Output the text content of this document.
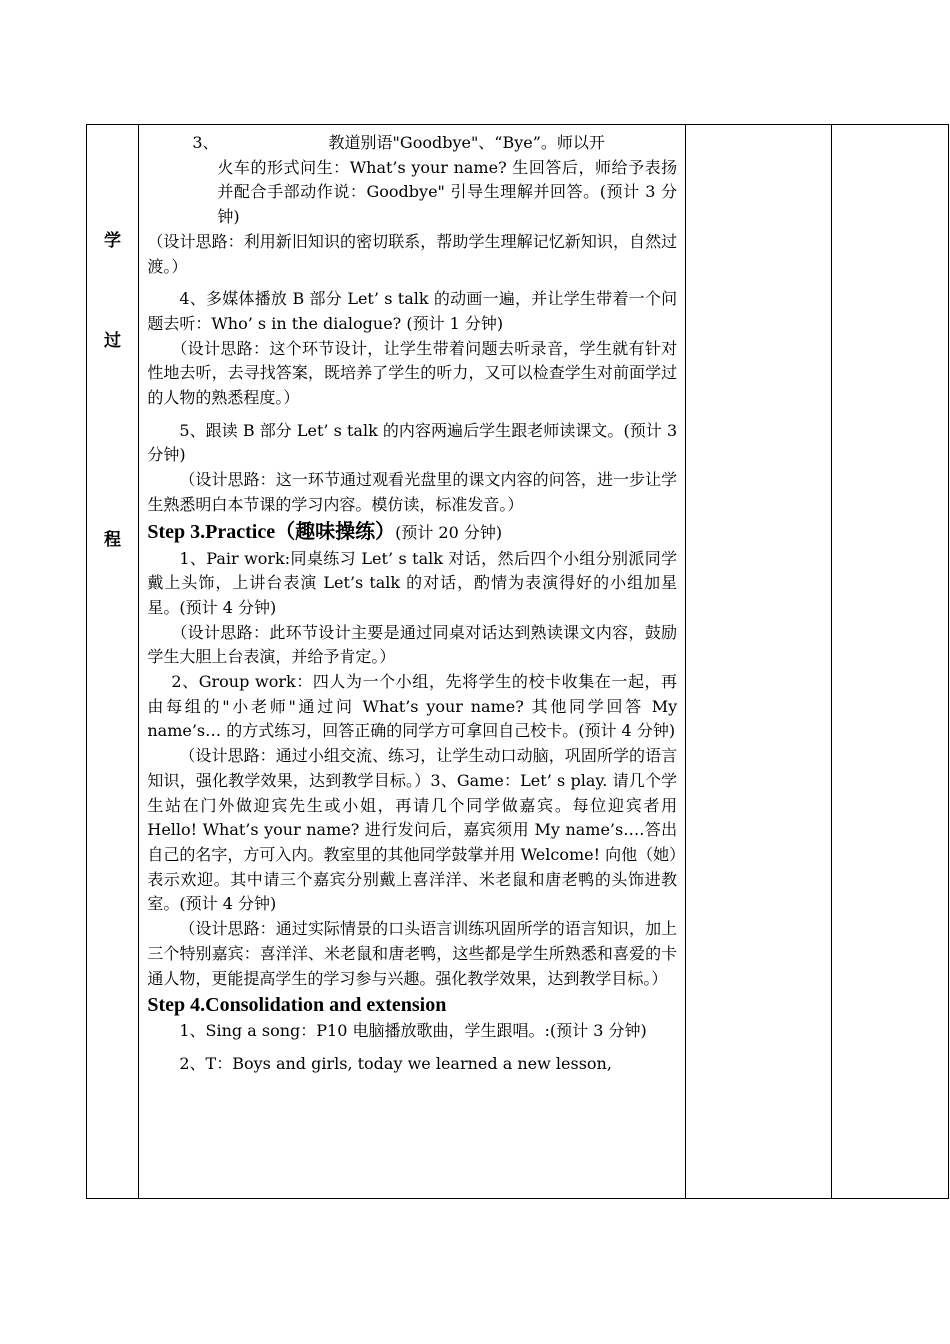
学
过
程

3、	教道别语"Goodbye"、“Bye”。师以开

火车的形式问生：What’s your name? 生回答后，师给予表扬并配合手部动作说：Goodbye" 引导生理解并回答。(预计 3 分钟)

（设计思路：利用新旧知识的密切联系，帮助学生理解记忆新知识，自然过渡。）

4、多媒体播放 B 部分 Let’ s talk 的动画一遍，并让学生带着一个问题去听：Who’ s in the dialogue? (预计 1 分钟)

（设计思路：这个环节设计，让学生带着问题去听录音，学生就有针对性地去听，去寻找答案，既培养了学生的听力，又可以检查学生对前面学过的人物的熟悉程度。）

5、跟读 B 部分 Let’ s talk 的内容两遍后学生跟老师读课文。(预计 3 分钟)

（设计思路：这一环节通过观看光盘里的课文内容的问答，进一步让学生熟悉明白本节课的学习内容。模仿读，标准发音。）

Step 3.Practice（趣味操练）(预计 20 分钟)

1、Pair work:同桌练习 Let’ s talk 对话，然后四个小组分别派同学戴上头饰，上讲台表演 Let’s talk 的对话，酌情为表演得好的小组加星星。(预计 4 分钟)

（设计思路：此环节设计主要是通过同桌对话达到熟读课文内容，鼓励学生大胆上台表演，并给予肯定。）

2、Group work：四人为一个小组，先将学生的校卡收集在一起，再由每组的"小老师"通过问 What’s your name? 其他同学回答 My name’s… 的方式练习，回答正确的同学方可拿回自己校卡。(预计 4 分钟)

（设计思路：通过小组交流、练习，让学生动口动脑，巩固所学的语言知识，强化教学效果，达到教学目标。）3、Game：Let’ s play. 请几个学生站在门外做迎宾先生或小姐，再请几个同学做嘉宾。每位迎宾者用 Hello! What’s your name? 进行发问后，嘉宾须用 My name’s….答出自己的名字，方可入内。教室里的其他同学鼓掌并用 Welcome! 向他（她）表示欢迎。其中请三个嘉宾分别戴上喜洋洋、米老鼠和唐老鸭的头饰进教室。(预计 4 分钟)

（设计思路：通过实际情景的口头语言训练巩固所学的语言知识，加上三个特别嘉宾：喜洋洋、米老鼠和唐老鸭，这些都是学生所熟悉和喜爱的卡通人物，更能提高学生的学习参与兴趣。强化教学效果，达到教学目标。）

Step 4.Consolidation and extension

1、Sing a song：P10 电脑播放歌曲，学生跟唱。:(预计 3 分钟)

2、T：Boys and girls, today we learned a new lesson,
